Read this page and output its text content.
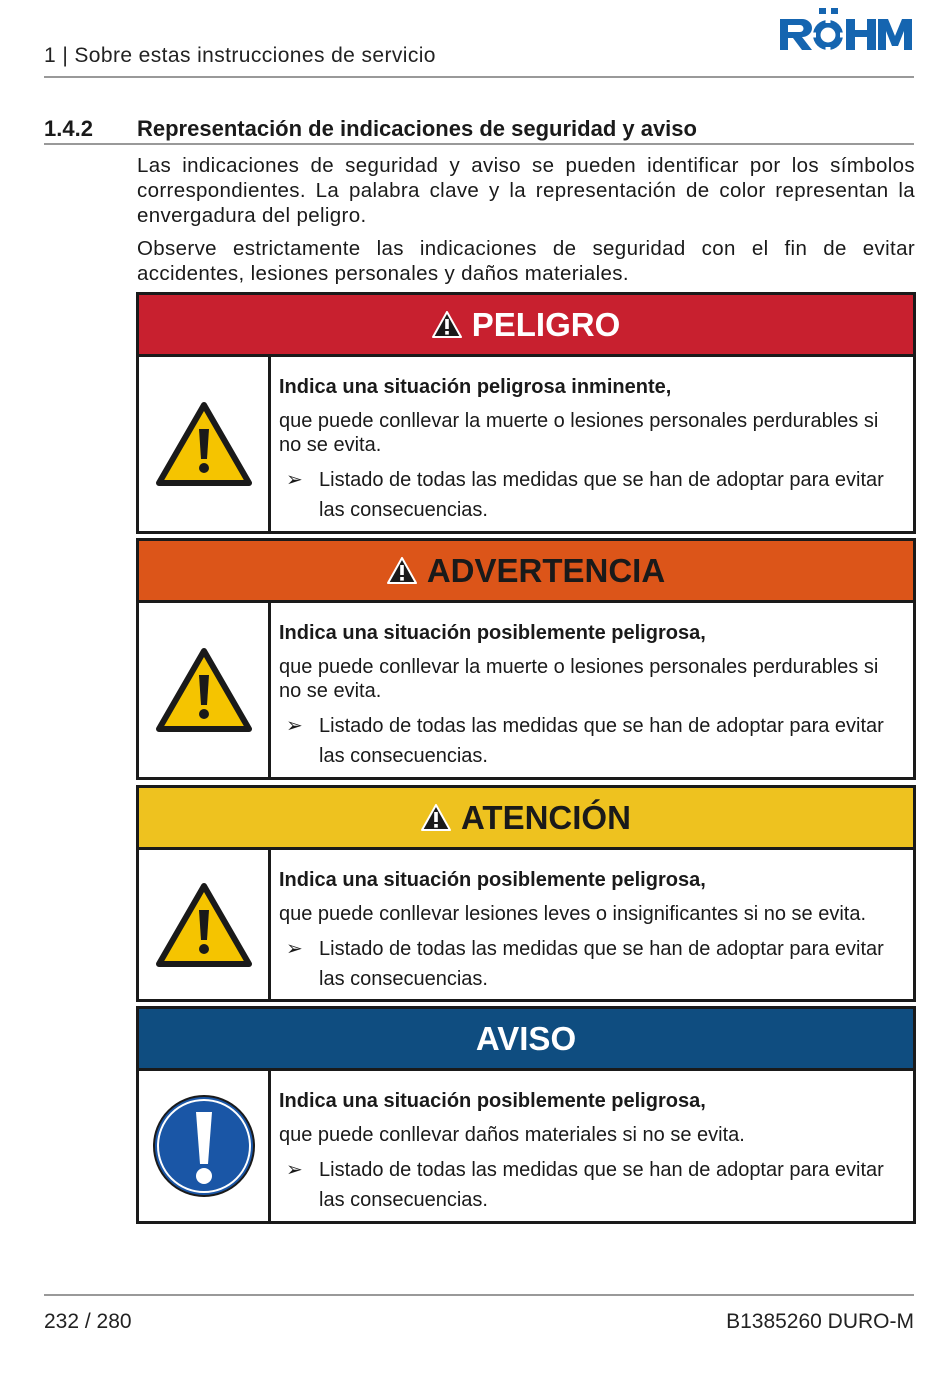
1 | Sobre estas instrucciones de servicio
1.4.2 Representación de indicaciones de seguridad y aviso

Las indicaciones de seguridad y aviso se pueden identificar por los símbolos correspondientes. La palabra clave y la representación de color representan la envergadura del peligro.

Observe estrictamente las indicaciones de seguridad con el fin de evitar accidentes, lesiones personales y daños materiales.

PELIGRO
Indica una situación peligrosa inminente,
que puede conllevar la muerte o lesiones personales perdurables si no se evita.
➢ Listado de todas las medidas que se han de adoptar para evitar las consecuencias.
ADVERTENCIA
Indica una situación posiblemente peligrosa,
que puede conllevar la muerte o lesiones personales perdurables si no se evita.
➢ Listado de todas las medidas que se han de adoptar para evitar las consecuencias.
ATENCIÓN
Indica una situación posiblemente peligrosa,
que puede conllevar lesiones leves o insignificantes si no se evita.
➢ Listado de todas las medidas que se han de adoptar para evitar las consecuencias.
AVISO
Indica una situación posiblemente peligrosa,
que puede conllevar daños materiales si no se evita.
➢ Listado de todas las medidas que se han de adoptar para evitar las consecuencias.
232 / 280	B1385260 DURO-M
